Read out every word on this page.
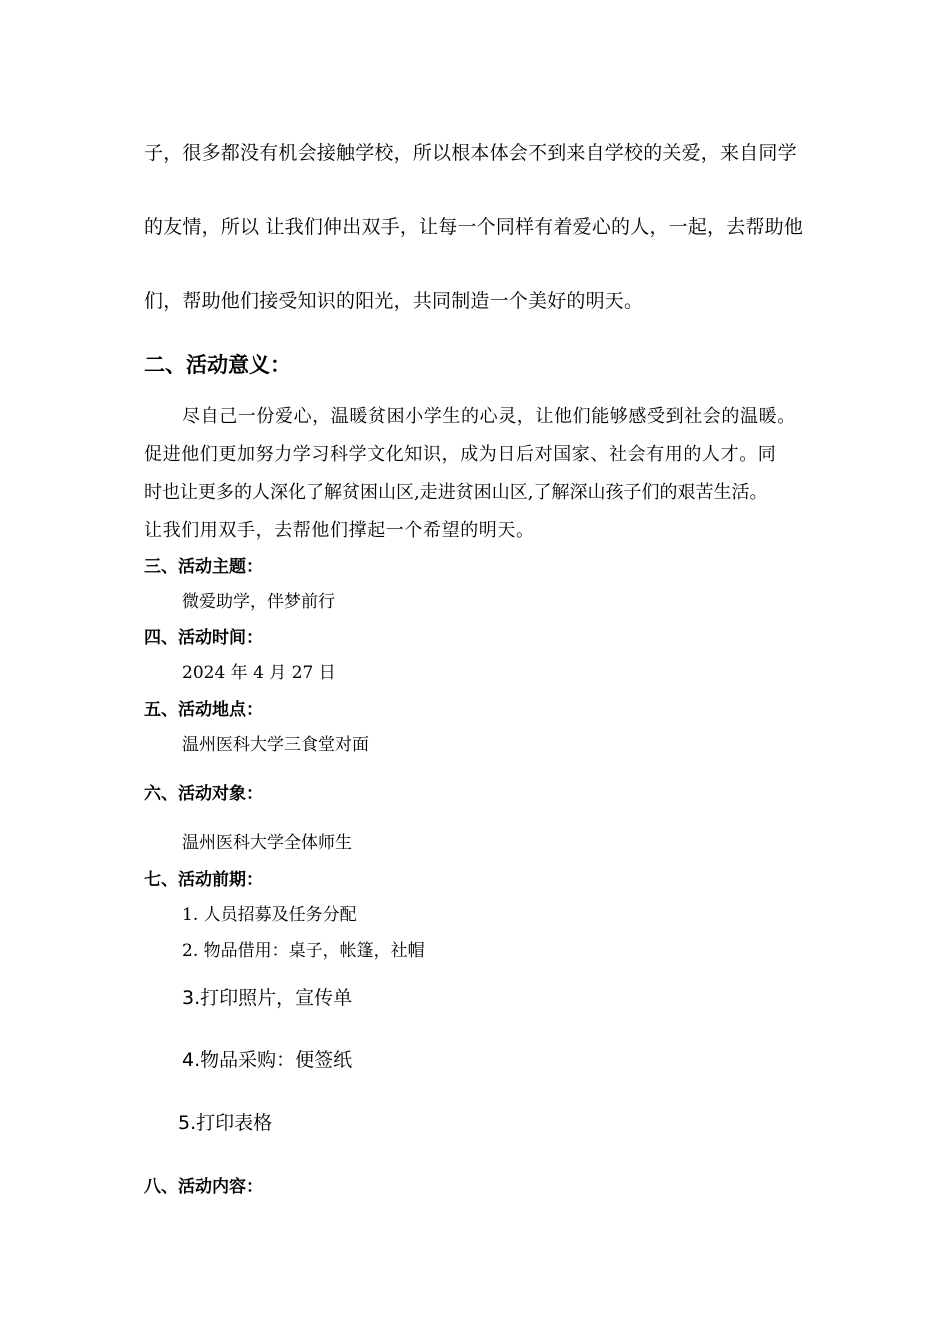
子，很多都没有机会接触学校，所以根本体会不到来自学校的关爱，来自同学
的友情，所以 让我们伸出双手，让每一个同样有着爱心的人，一起，去帮助他
们，帮助他们接受知识的阳光，共同制造一个美好的明天。
二、活动意义：
尽自己一份爱心，温暖贫困小学生的心灵，让他们能够感受到社会的温暖。
促进他们更加努力学习科学文化知识，成为日后对国家、社会有用的人才。同
时也让更多的人深化了解贫困山区,走进贫困山区,了解深山孩子们的艰苦生活。
让我们用双手，去帮他们撑起一个希望的明天。
三、活动主题：
微爱助学，伴梦前行
四、活动时间：
2024 年 4 月 27 日
五、活动地点：
温州医科大学三食堂对面
六、活动对象：
温州医科大学全体师生
七、活动前期：
1. 人员招募及任务分配
2. 物品借用：桌子，帐篷，社帽
3.打印照片，宣传单
4.物品采购：便签纸
5.打印表格
八、活动内容：
